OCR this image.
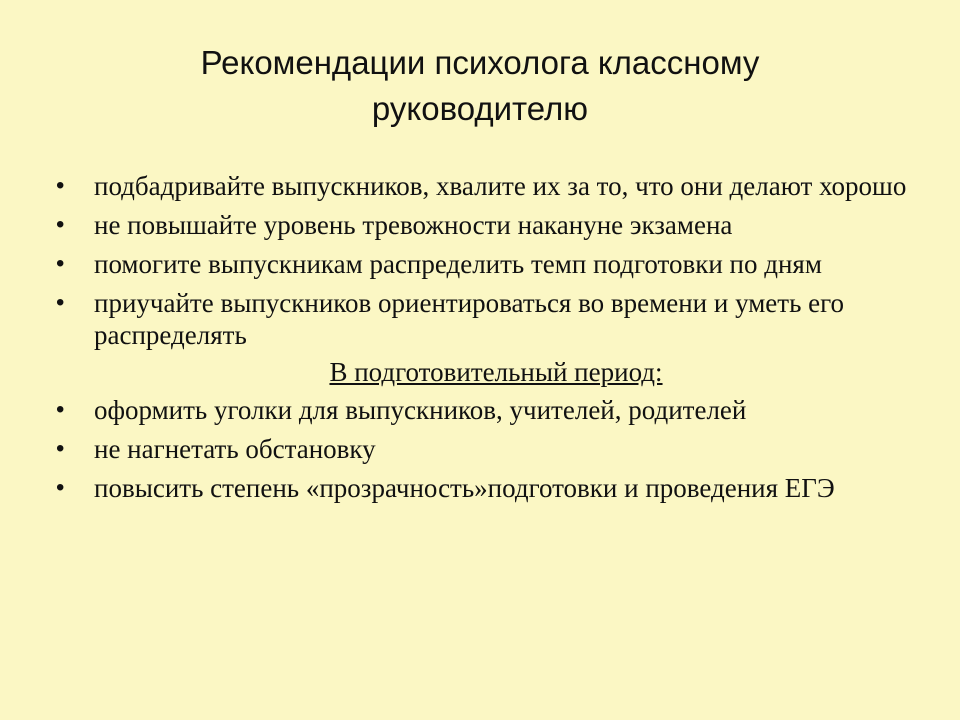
Рекомендации психолога классному
руководителю
• подбадривайте выпускников, хвалите их за то, что они делают хорошо
• не повышайте уровень тревожности накануне экзамена
• помогите выпускникам распределить темп подготовки по дням
• приучайте выпускников ориентироваться во времени и уметь его распределять
В подготовительный период:
• оформить уголки для выпускников, учителей, родителей
• не нагнетать обстановку
• повысить степень «прозрачность»подготовки и проведения ЕГЭ
